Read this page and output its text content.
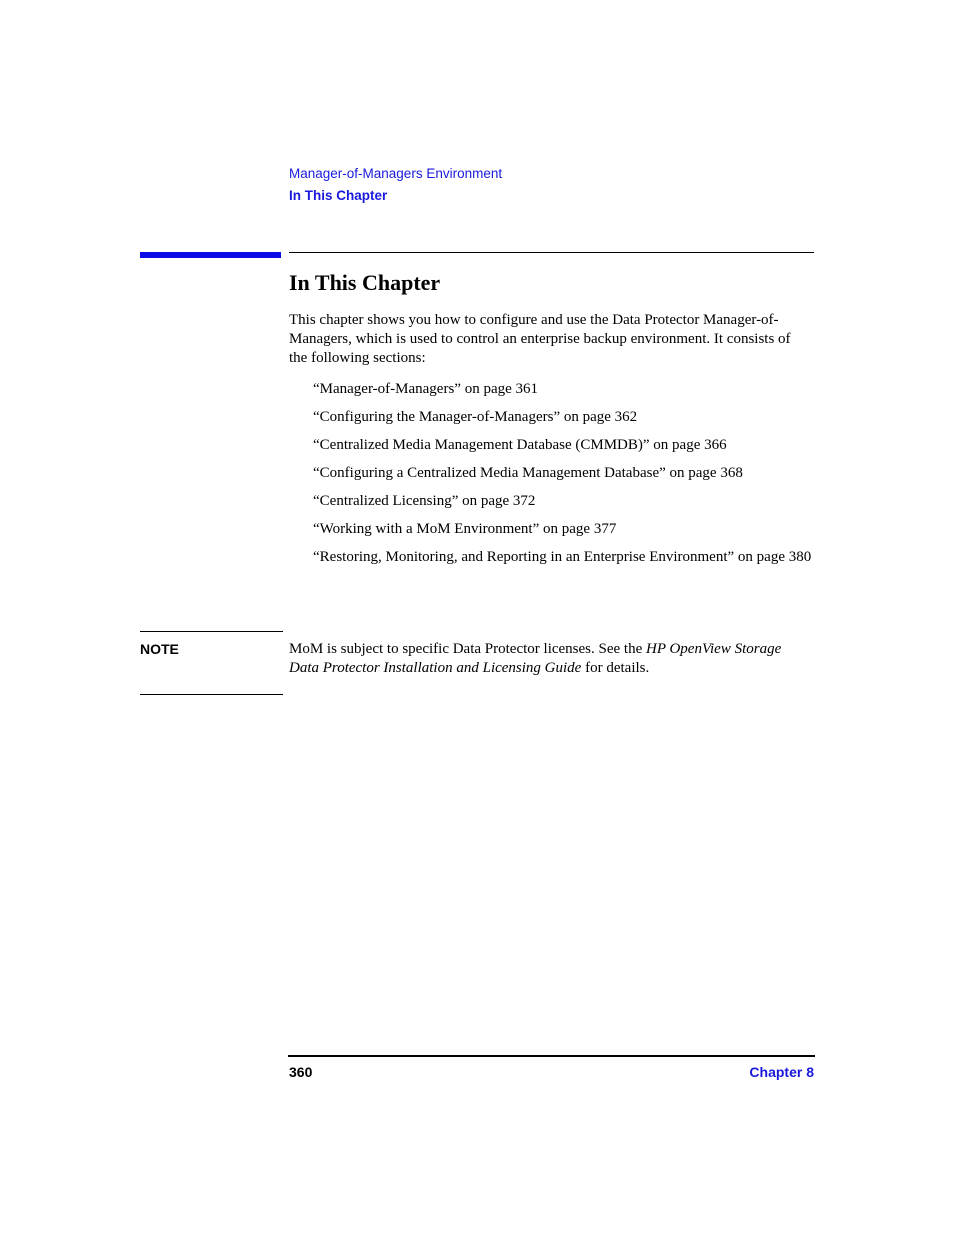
Manager-of-Managers Environment
In This Chapter
In This Chapter

This chapter shows you how to configure and use the Data Protector Manager-of-Managers, which is used to control an enterprise backup environment. It consists of the following sections:

“Manager-of-Managers” on page 361
“Configuring the Manager-of-Managers” on page 362
“Centralized Media Management Database (CMMDB)” on page 366
“Configuring a Centralized Media Management Database” on page 368
“Centralized Licensing” on page 372
“Working with a MoM Environment” on page 377
“Restoring, Monitoring, and Reporting in an Enterprise Environment” on page 380
NOTE	MoM is subject to specific Data Protector licenses. See the HP OpenView Storage Data Protector Installation and Licensing Guide for details.

360	Chapter 8
